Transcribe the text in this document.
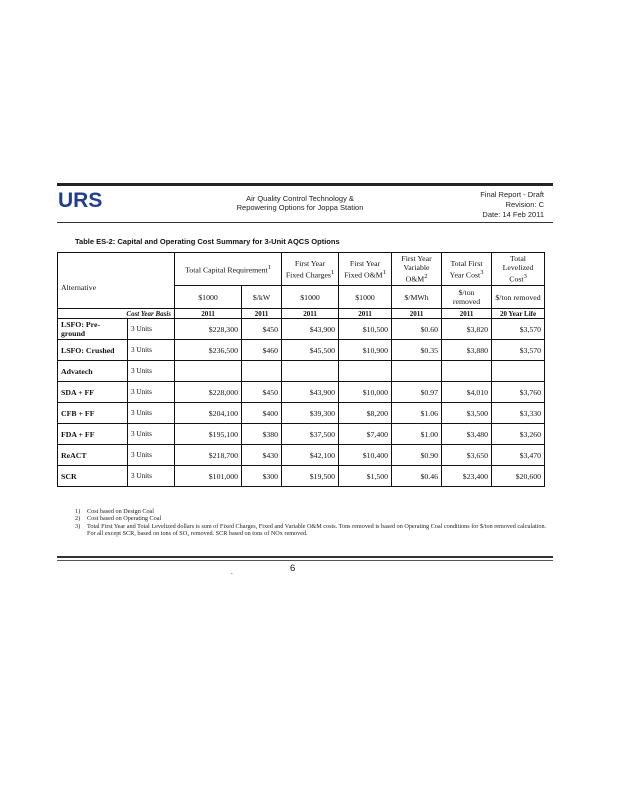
URS	Air Quality Control Technology &
Repowering Options for Joppa Station
Final Report - Draft
Revision: C
Date: 14 Feb 2011
Table ES-2: Capital and Operating Cost Summary for 3-Unit AQCS Options
Alternative		Total Capital Requirement$^1$		First Year Fixed Charges$^1$	First Year Fixed $O\&M^1$	First Year Variable $O\&M^2$	Total First Year Cost$^3$	Total Levelized Cost$^3$
		$1000	$/kW	$1000	$1000	$/MWh	$/ton removed	$/ton removed
Cost Year Basis		2011	2011	2011	2011	2011	2011	20 Year Life
LSFO: Pre-ground	3 Units	$228,300	$450	$43,900	$10,500	$0.60	$3,820	$3,570
LSFO: Crushed	3 Units	$236,500	$460	$45,500	$10,900	$0.35	$3,880	$3,570
Advatech	3 Units							
SDA + FF	3 Units	$228,000	$450	$43,900	$10,000	$0.97	$4,010	$3,760
CFB + FF	3 Units	$204,100	$400	$39,300	$8,200	$1.06	$3,500	$3,330
FDA + FF	3 Units	$195,100	$380	$37,500	$7,400	$1.00	$3,480	$3,260
ReACT	3 Units	$218,700	$430	$42,100	$10,400	$0.90	$3,650	$3,470
SCR	3 Units	$101,000	$300	$19,500	$1,500	$0.46	$23,400	$20,600
1)	Cost based on Design Coal
2)	Cost based on Operating Coal
3)	Total First Year and Total Levelized dollars is sum of Fixed Charges, Fixed and Variable O&M costs. Tons removed is based on Operating Coal conditions for $/ton removed calculation. For all except SCR, based on tons of SO₂ removed. SCR based on tons of NOx removed.
.	6
